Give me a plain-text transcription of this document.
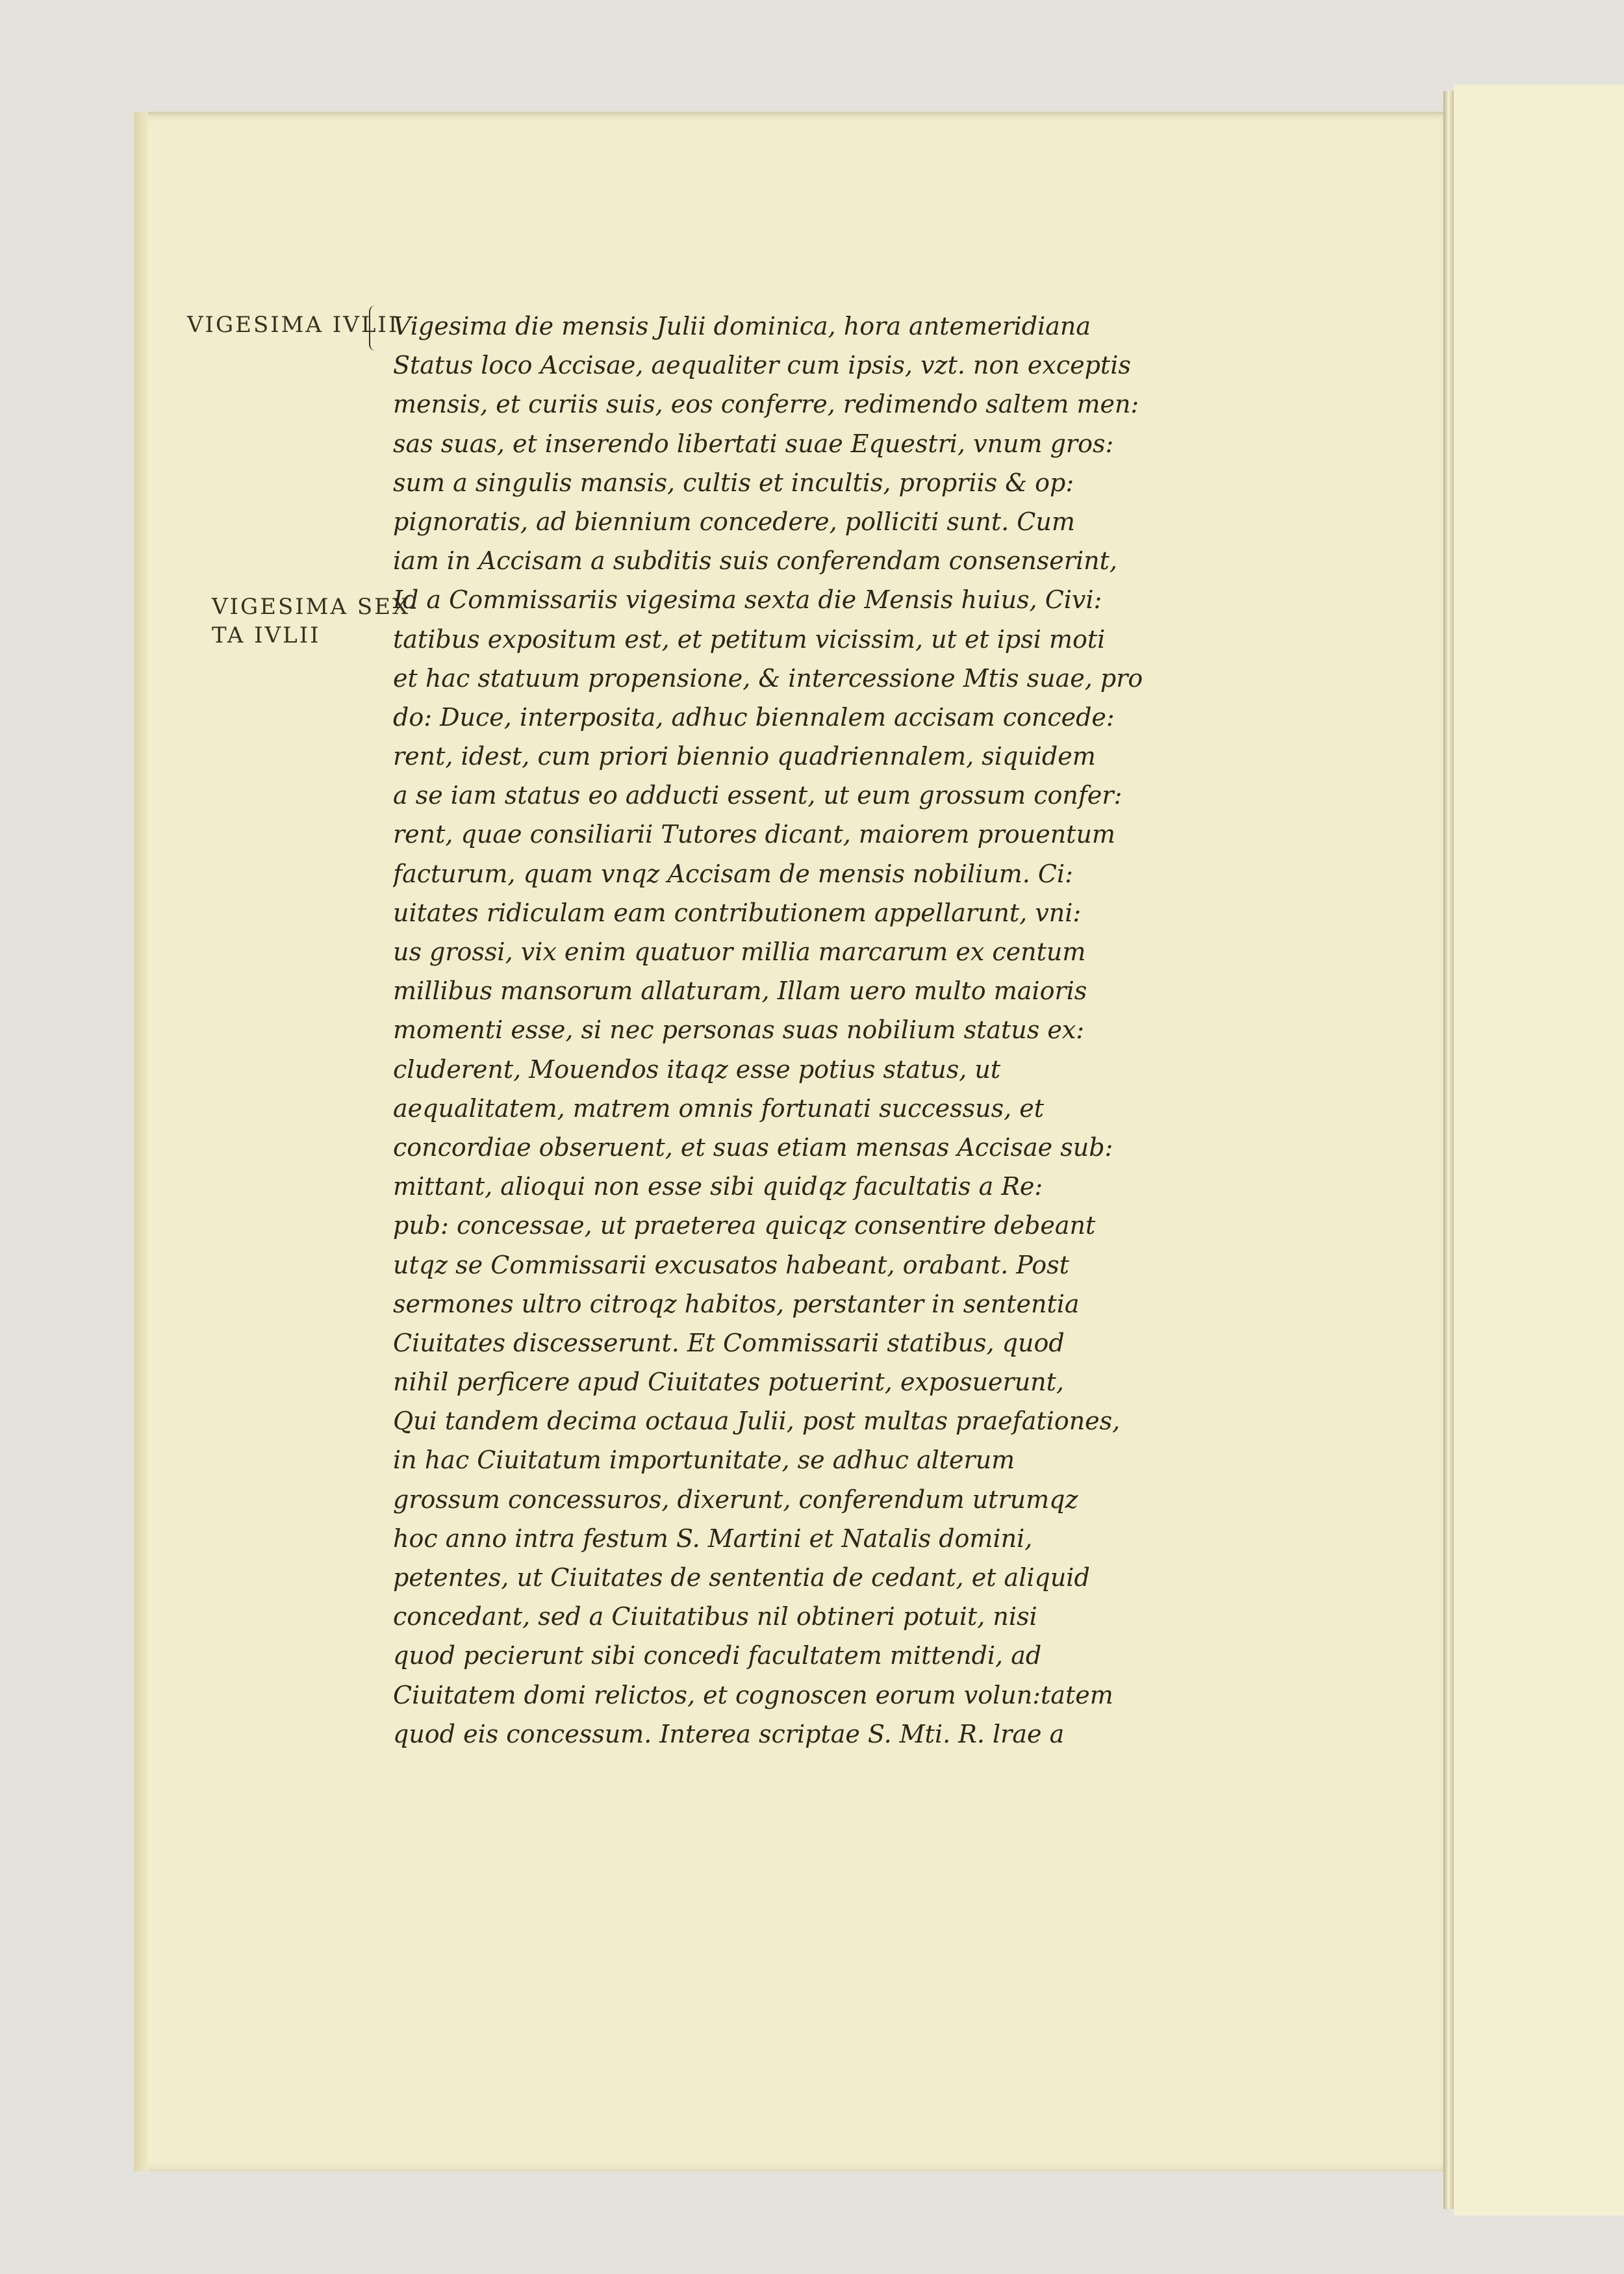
VIGESIMA IVLII
VIGESIMA SEX-
TA IVLII
Vigesima die mensis Julii dominica, hora antemeridiana
Status loco Accisae, aequaliter cum ipsis, vzt. non exceptis
mensis, et curiis suis, eos conferre, redimendo saltem men:
sas suas, et inserendo libertati suae Equestri, vnum gros:
sum a singulis mansis, cultis et incultis, propriis & op:
pignoratis, ad biennium concedere, polliciti sunt. Cum
iam in Accisam a subditis suis conferendam consenserint,
Id a Commissariis vigesima sexta die Mensis huius, Civi:
tatibus expositum est, et petitum vicissim, ut et ipsi moti
et hac statuum propensione, & intercessione Mtis suae, pro
do: Duce, interposita, adhuc biennalem accisam concede:
rent, idest, cum priori biennio quadriennalem, siquidem
a se iam status eo adducti essent, ut eum grossum confer:
rent, quae consiliarii Tutores dicant, maiorem prouentum
facturum, quam vnqz Accisam de mensis nobilium. Ci:
uitates ridiculam eam contributionem appellarunt, vni:
us grossi, vix enim quatuor millia marcarum ex centum
millibus mansorum allaturam, Illam uero multo maioris
momenti esse, si nec personas suas nobilium status ex:
cluderent, Mouendos itaqz esse potius status, ut
aequalitatem, matrem omnis fortunati successus, et
concordiae obseruent, et suas etiam mensas Accisae sub:
mittant, alioqui non esse sibi quidqz facultatis a Re:
pub: concessae, ut praeterea quicqz consentire debeant
utqz se Commissarii excusatos habeant, orabant. Post
sermones ultro citroqz habitos, perstanter in sententia
Ciuitates discesserunt. Et Commissarii statibus, quod
nihil perficere apud Ciuitates potuerint, exposuerunt,
Qui tandem decima octaua Julii, post multas praefationes,
in hac Ciuitatum importunitate, se adhuc alterum
grossum concessuros, dixerunt, conferendum utrumqz
hoc anno intra festum S. Martini et Natalis domini,
petentes, ut Ciuitates de sententia de cedant, et aliquid
concedant, sed a Ciuitatibus nil obtineri potuit, nisi
quod pecierunt sibi concedi facultatem mittendi, ad
Ciuitatem domi relictos, et cognoscen eorum volun:tatem
quod eis concessum. Interea scriptae S. Mti. R. lrae a
